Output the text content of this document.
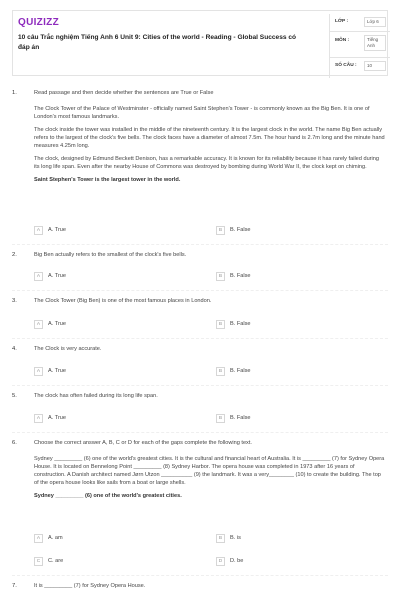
QUIZIZZ
10 câu Trắc nghiệm Tiếng Anh 6 Unit 9: Cities of the world - Reading - Global Success có đáp án
LỚP :	Lớp 6
MÔN :	Tiếng Anh
SỐ CÂU :	10
1.	Read passage and then decide whether the sentences are True or False
The Clock Tower of the Palace of Westminster - officially named Saint Stephen's Tower - is commonly known as the Big Ben. It is one of London's most famous landmarks.
The clock inside the tower was installed in the middle of the nineteenth century. It is the largest clock in the world. The name Big Ben actually refers to the largest of the clock's five bells. The clock faces have a diameter of almost 7.5m. The hour hand is 2.7m long and the minute hand measures 4.25m long.
The clock, designed by Edmund Beckett Denison, has a remarkable accuracy. It is known for its reliability because it has rarely failed during its long life span. Even after the nearby House of Commons was destroyed by bombing during World War II, the clock kept on chiming.
Saint Stephen's Tower is the largest tower in the world.
A	A. True	B	B. False
2.	Big Ben actually refers to the smallest of the clock's five bells.
A	A. True	B	B. False
3.	The Clock Tower (Big Ben) is one of the most famous places in London.
A	A. True	B	B. False
4.	The Clock is very accurate.
A	A. True	B	B. False
5.	The clock has often failed during its long life span.
A	A. True	B	B. False
6.	Choose the correct answer A, B, C or D for each of the gaps complete the following text.
Sydney _________ (6) one of the world's greatest cities. It is the cultural and financial heart of Australia. It is _________ (7) for Sydney Opera House. It is located on Bennelong Point _________ (8) Sydney Harbor. The opera house was completed in 1973 after 16 years of construction. A Danish architect named Jørn Utzon __________ (9) the landmark. It was a very________ (10) to create the building. The top of the opera house looks like sails from a boat or large shells.
Sydney _________ (6) one of the world's greatest cities.
A	A. am	B	B. is
C	C. are	D	D. be
7.	It is _________ (7) for Sydney Opera House.
